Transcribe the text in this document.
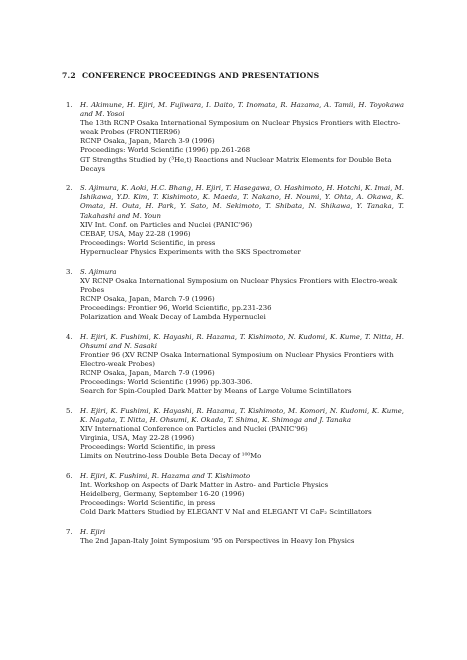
7.2 CONFERENCE PROCEEDINGS AND PRESENTATIONS
1. H. Akimune, H. Ejiri, M. Fujiwara, I. Daito, T. Inomata, R. Hazama, A. Tamii, H. Toyokawa and M. Yosoi
The 13th RCNP Osaka International Symposium on Nuclear Physics Frontiers with Electro-weak Probes (FRONTIER96)
RCNP Osaka, Japan, March 3-9 (1996)
Proceedings: World Scientific (1996) pp.261-268
GT Strengths Studied by (³He,t) Reactions and Nuclear Matrix Elements for Double Beta Decays
2. S. Ajimura, K. Aoki, H.C. Bhang, H. Ejiri, T. Hasegawa, O. Hashimoto, H. Hotchi, K. Imai, M. Ishikawa, Y.D. Kim, T. Kishimoto, K. Maeda, T. Nakano, H. Noumi, Y. Ohta, A. Okawa, K. Omata, H. Outa, H. Park, Y. Sato, M. Sekimoto, T. Shibata, N. Shikawa, Y. Tanaka, T. Takahashi and M. Youn
XIV Int. Conf. on Particles and Nuclei (PANIC'96)
CEBAF, USA, May 22-28 (1996)
Proceedings: World Scientific, in press
Hypernuclear Physics Experiments with the SKS Spectrometer
3. S. Ajimura
XV RCNP Osaka International Symposium on Nuclear Physics Frontiers with Electro-weak Probes
RCNP Osaka, Japan, March 7-9 (1996)
Proceedings: Frontier 96, World Scientific, pp.231-236
Polarization and Weak Decay of Lambda Hypernuclei
4. H. Ejiri, K. Fushimi, K. Hayashi, R. Hazama, T. Kishimoto, N. Kudomi, K. Kume, T. Nitta, H. Ohsumi and N. Sasaki
Frontier 96 (XV RCNP Osaka International Symposium on Nuclear Physics Frontiers with Electro-weak Probes)
RCNP Osaka, Japan, March 7-9 (1996)
Proceedings: World Scientific (1996) pp.303-306.
Search for Spin-Coupled Dark Matter by Means of Large Volume Scintillators
5. H. Ejiri, K. Fushimi, K. Hayashi, R. Hazama, T. Kishimoto, M. Komori, N. Kudomi, K. Kume, K. Nagata, T. Nitta, H. Ohsumi, K. Okada, T. Shima, K. Shimoga and J. Tanaka
XIV International Conference on Particles and Nuclei (PANIC'96)
Virginia, USA, May 22-28 (1996)
Proceedings: World Scientific, in press
Limits on Neutrino-less Double Beta Decay of ¹⁰⁰Mo
6. H. Ejiri, K. Fushimi, R. Hazama and T. Kishimoto
Int. Workshop on Aspects of Dark Matter in Astro- and Particle Physics
Heidelberg, Germany, September 16-20 (1996)
Proceedings: World Scientific, in press
Cold Dark Matters Studied by ELEGANT V NaI and ELEGANT VI CaF₂ Scintillators
7. H. Ejiri
The 2nd Japan-Italy Joint Symposium '95 on Perspectives in Heavy Ion Physics
